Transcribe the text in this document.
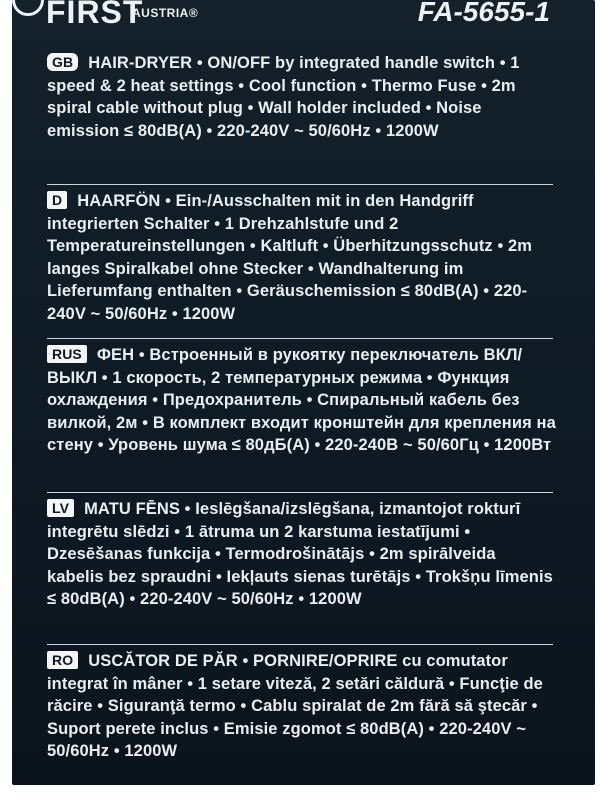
FIRST
AUSTRIA®	FA-5655-1
GB HAIR-DRYER • ON/OFF by integrated handle switch • 1 speed & 2 heat settings • Cool function • Thermo Fuse • 2m spiral cable without plug • Wall holder included • Noise emission ≤ 80dB(A) • 220-240V ~ 50/60Hz • 1200W
D HAARFÖN • Ein-/Ausschalten mit in den Handgriff integrierten Schalter • 1 Drehzahlstufe und 2 Temperatureinstellungen • Kaltluft • Überhitzungsschutz • 2m langes Spiralkabel ohne Stecker • Wandhalterung im Lieferumfang enthalten • Geräuschemission ≤ 80dB(A) • 220-240V ~ 50/60Hz • 1200W
RUS ФЕН • Встроенный в рукоятку переключатель ВКЛ/ ВЫКЛ • 1 скорость, 2 температурных режима • Функция охлаждения • Предохранитель • Спиральный кабель без вилкой, 2м • В комплект входит кронштейн для крепления на стену • Уровень шума ≤ 80дБ(А) • 220-240В ~ 50/60Гц • 1200Вт
LV MATU FĒNS • Ieslēgšana/izslēgšana, izmantojot rokturī integrētu slēdzi • 1 ātruma un 2 karstuma iestatījumi • Dzesēšanas funkcija • Termodrošinātājs • 2m spirālveida kabelis bez spraudni • Iekļauts sienas turētājs • Trokšņu līmenis ≤ 80dB(A) • 220-240V ~ 50/60Hz • 1200W
RO USCĂTOR DE PĂR • PORNIRE/OPRIRE cu comutator integrat în mâner • 1 setare viteză, 2 setări căldură • Funcţie de răcire • Siguranţă termo • Cablu spiralat de 2m fără să ştecăr • Suport perete inclus • Emisie zgomot ≤ 80dB(A) • 220-240V ~ 50/60Hz • 1200W
